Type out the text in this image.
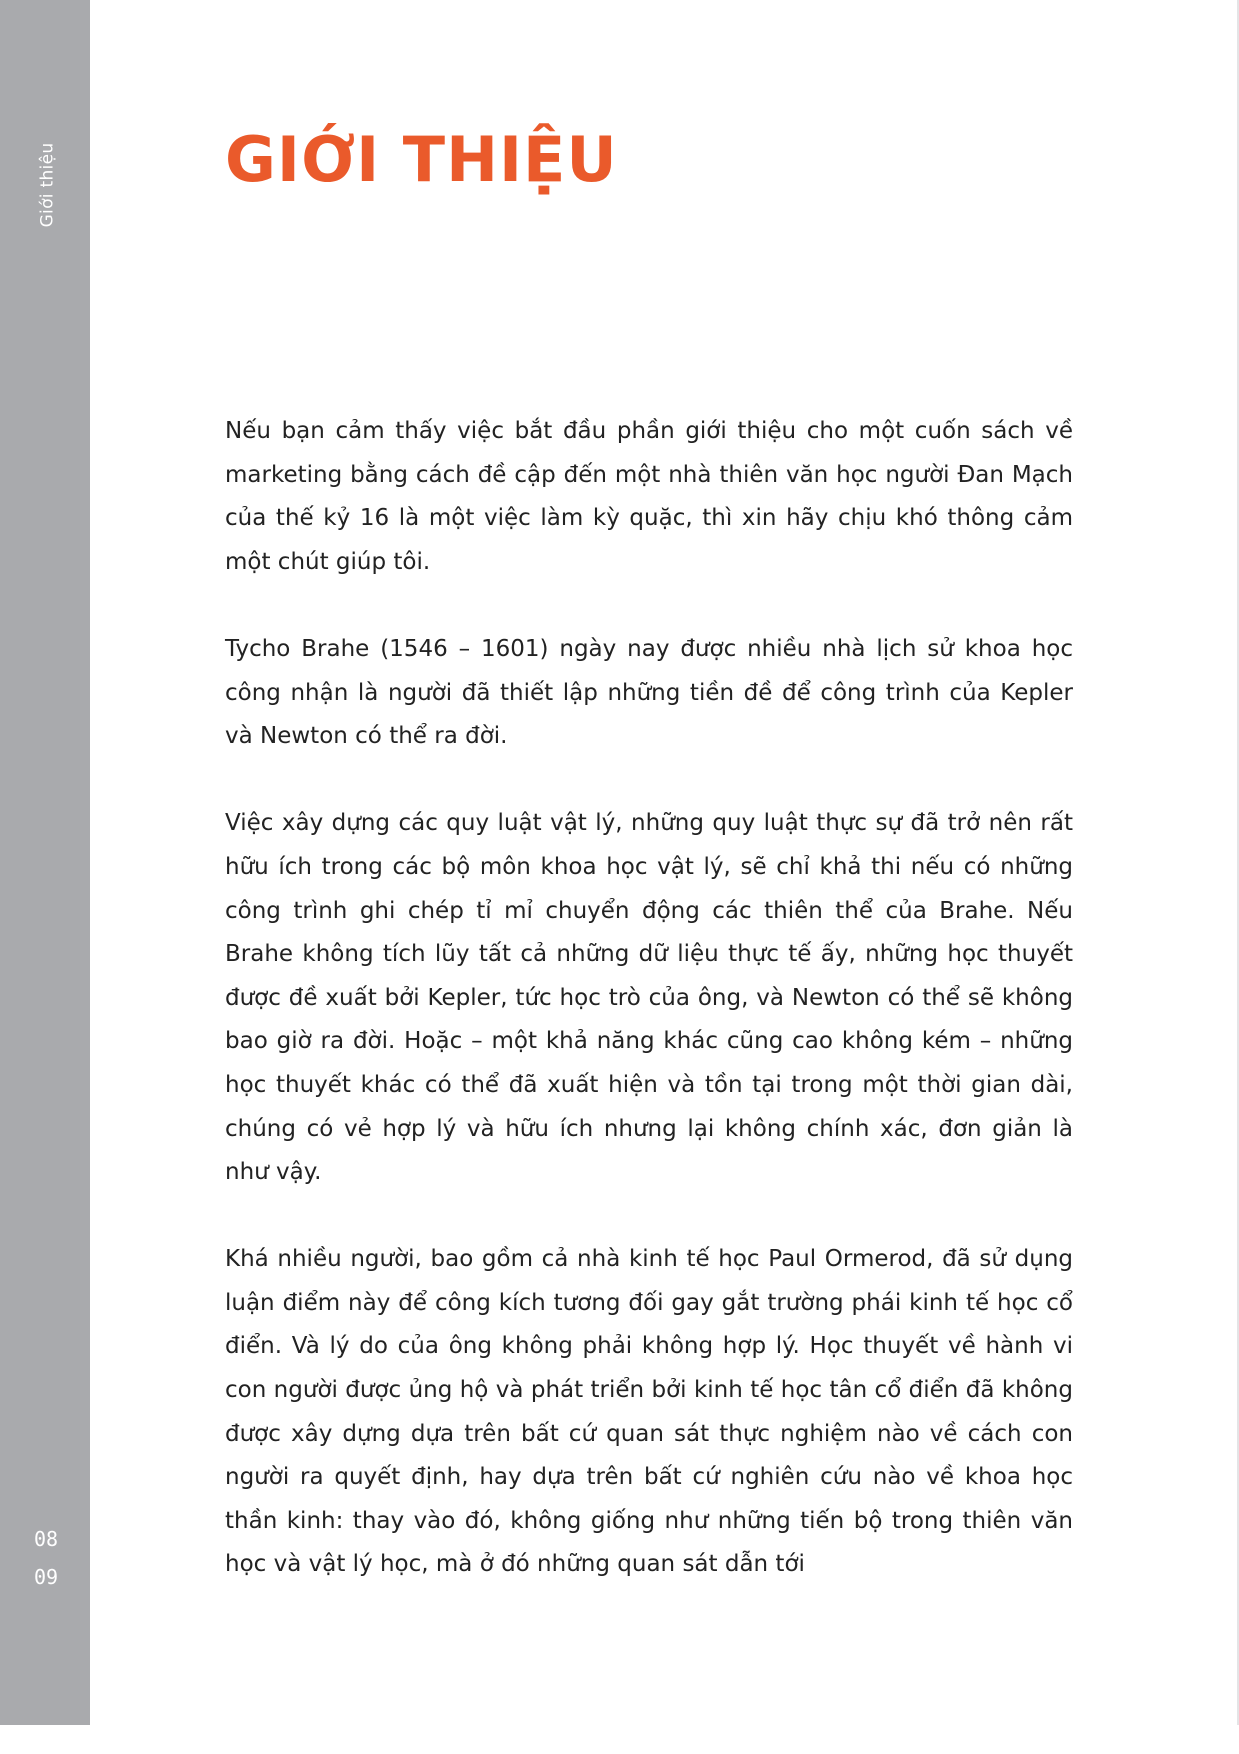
Giới thiệu
08
09
GIỚI THIỆU

Nếu bạn cảm thấy việc bắt đầu phần giới thiệu cho một cuốn sách về marketing bằng cách đề cập đến một nhà thiên văn học người Đan Mạch của thế kỷ 16 là một việc làm kỳ quặc, thì xin hãy chịu khó thông cảm một chút giúp tôi.

Tycho Brahe (1546 – 1601) ngày nay được nhiều nhà lịch sử khoa học công nhận là người đã thiết lập những tiền đề để công trình của Kepler và Newton có thể ra đời.

Việc xây dựng các quy luật vật lý, những quy luật thực sự đã trở nên rất hữu ích trong các bộ môn khoa học vật lý, sẽ chỉ khả thi nếu có những công trình ghi chép tỉ mỉ chuyển động các thiên thể của Brahe. Nếu Brahe không tích lũy tất cả những dữ liệu thực tế ấy, những học thuyết được đề xuất bởi Kepler, tức học trò của ông, và Newton có thể sẽ không bao giờ ra đời. Hoặc – một khả năng khác cũng cao không kém – những học thuyết khác có thể đã xuất hiện và tồn tại trong một thời gian dài, chúng có vẻ hợp lý và hữu ích nhưng lại không chính xác, đơn giản là như vậy.

Khá nhiều người, bao gồm cả nhà kinh tế học Paul Ormerod, đã sử dụng luận điểm này để công kích tương đối gay gắt trường phái kinh tế học cổ điển. Và lý do của ông không phải không hợp lý. Học thuyết về hành vi con người được ủng hộ và phát triển bởi kinh tế học tân cổ điển đã không được xây dựng dựa trên bất cứ quan sát thực nghiệm nào về cách con người ra quyết định, hay dựa trên bất cứ nghiên cứu nào về khoa học thần kinh: thay vào đó, không giống như những tiến bộ trong thiên văn học và vật lý học, mà ở đó những quan sát dẫn tới
